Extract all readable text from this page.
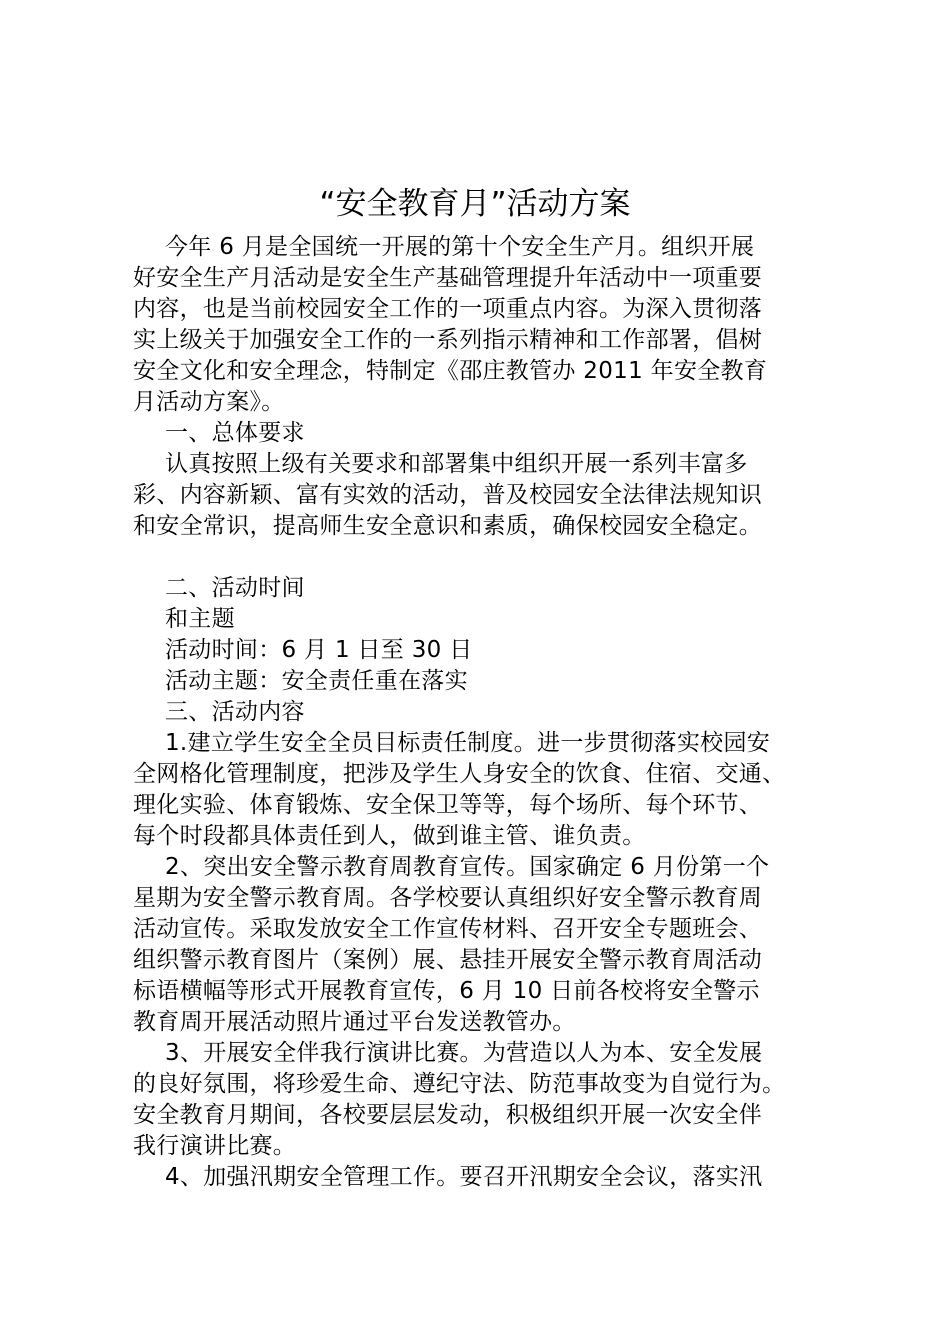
“安全教育月”活动方案
今年 6 月是全国统一开展的第十个安全生产月。组织开展
好安全生产月活动是安全生产基础管理提升年活动中一项重要
内容，也是当前校园安全工作的一项重点内容。为深入贯彻落
实上级关于加强安全工作的一系列指示精神和工作部署，倡树
安全文化和安全理念，特制定《邵庄教管办 2011 年安全教育
月活动方案》。
一、总体要求
认真按照上级有关要求和部署集中组织开展一系列丰富多
彩、内容新颖、富有实效的活动，普及校园安全法律法规知识
和安全常识，提高师生安全意识和素质，确保校园安全稳定。
二、活动时间
和主题
活动时间：6 月 1 日至 30 日
活动主题：安全责任重在落实
三、活动内容
1.建立学生安全全员目标责任制度。进一步贯彻落实校园安
全网格化管理制度，把涉及学生人身安全的饮食、住宿、交通、
理化实验、体育锻炼、安全保卫等等，每个场所、每个环节、
每个时段都具体责任到人，做到谁主管、谁负责。
2、突出安全警示教育周教育宣传。国家确定 6 月份第一个
星期为安全警示教育周。各学校要认真组织好安全警示教育周
活动宣传。采取发放安全工作宣传材料、召开安全专题班会、
组织警示教育图片（案例）展、悬挂开展安全警示教育周活动
标语横幅等形式开展教育宣传，6 月 10 日前各校将安全警示
教育周开展活动照片通过平台发送教管办。
3、开展安全伴我行演讲比赛。为营造以人为本、安全发展
的良好氛围，将珍爱生命、遵纪守法、防范事故变为自觉行为。
安全教育月期间，各校要层层发动，积极组织开展一次安全伴
我行演讲比赛。
4、加强汛期安全管理工作。要召开汛期安全会议，落实汛
